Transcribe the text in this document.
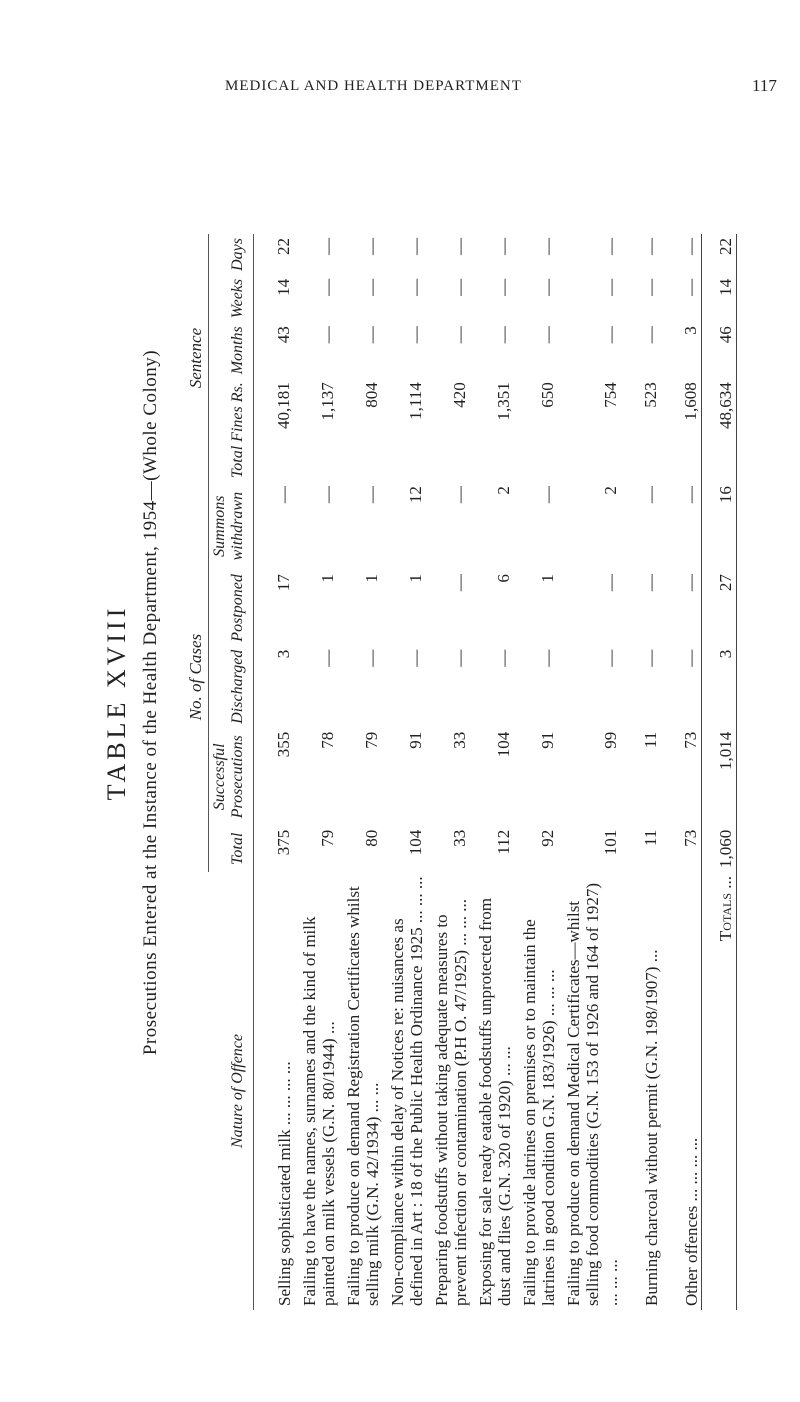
MEDICAL AND HEALTH DEPARTMENT	117
TABLE XVIII Prosecutions Entered at the Instance of the Health Department, 1954—(Whole Colony)
Nature of Offence	No. of Cases					Sentence			
	Total	Successful Prosecutions	Discharged	Postponed	Summons withdrawn	Total Fines Rs.	Months	Weeks	Days

Selling sophisticated milk ... ... ... ...	375	355	3	17	—	40,181	43	14	22
Failing to have the names, surnames and the kind of milk painted on milk vessels (G.N. 80/1944) ...	79	78	—	1	—	1,137	—	—	—
Failing to produce on demand Registration Certificates whilst selling milk (G.N. 42/1934) ... ...	80	79	—	1	—	804	—	—	—
Non-compliance within delay of Notices re: nuisances as defined in Art : 18 of the Public Health Ordinance 1925 ... ... ...	104	91	—	1	12	1,114	—	—	—
Preparing foodstuffs without taking adequate measures to prevent infection or contamination (P.H O. 47/1925) ... ... ...	33	33	—	—	—	420	—	—	—
Exposing for sale ready eatable foodstuffs unprotected from dust and flies (G.N. 320 of 1920) ... ...	112	104	—	6	2	1,351	—	—	—
Failing to provide latrines on premises or to maintain the latrines in good condition G.N. 183/1926) ... ... ...	92	91	—	1	—	650	—	—	—
Failing to produce on demand Medical Certificates—whilst selling food commodities (G.N. 153 of 1926 and 164 of 1927) ... ... ...	101	99	—	—	2	754	—	—	—
Burning charcoal without permit (G.N. 198/1907) ...	11	11	—	—	—	523	—	—	—
Other offences ... ... ... ...	73	73	—	—	—	1,608	3	—	—
Totals ...	1,060	1,014	3	27	16	48,634	46	14	22
